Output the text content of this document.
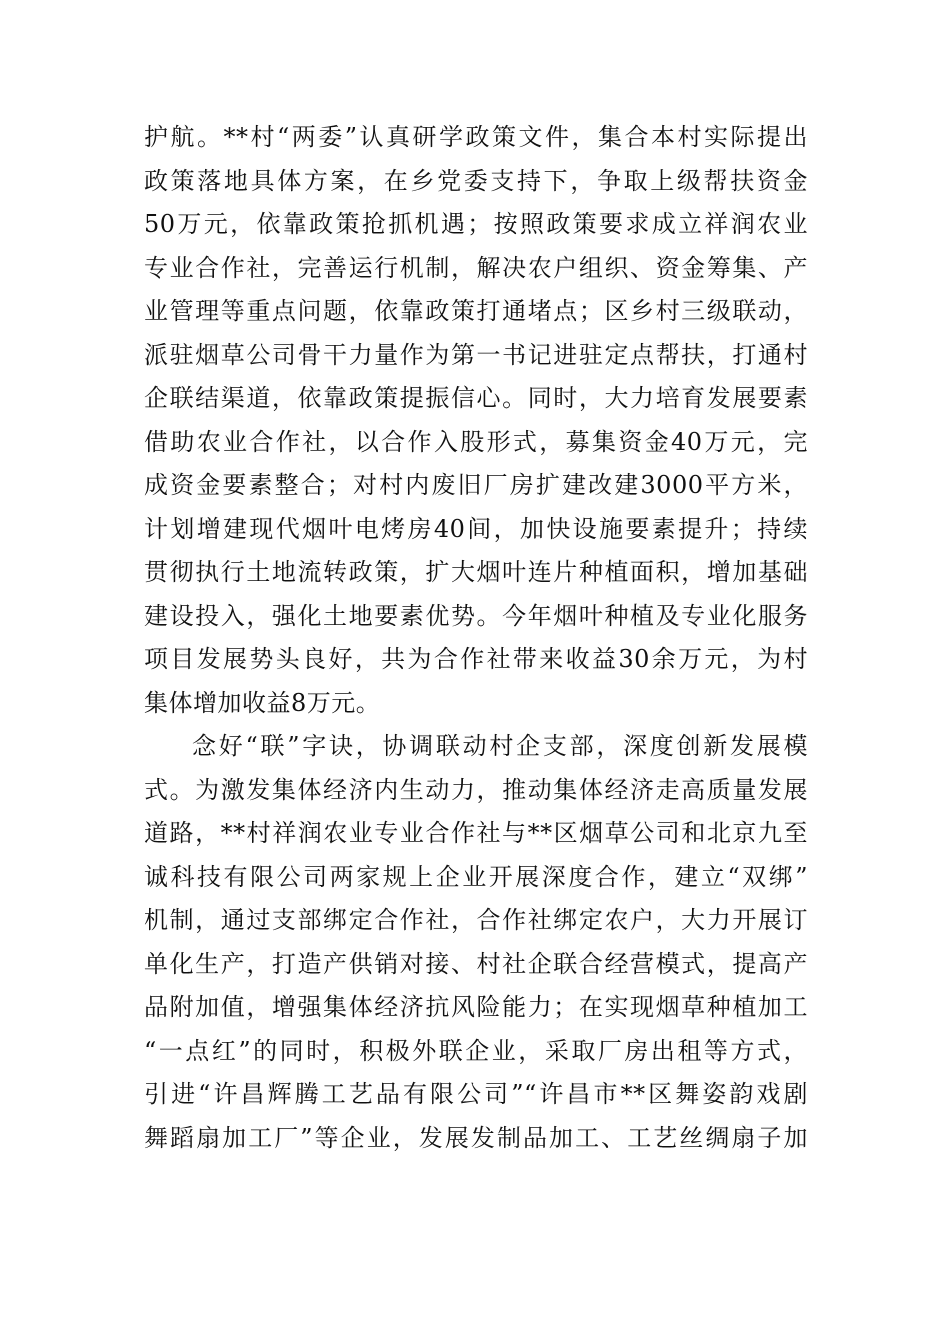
护航。**村“两委”认真研学政策文件，集合本村实际提出
政策落地具体方案，在乡党委支持下，争取上级帮扶资金
50万元，依靠政策抢抓机遇；按照政策要求成立祥润农业
专业合作社，完善运行机制，解决农户组织、资金筹集、产
业管理等重点问题，依靠政策打通堵点；区乡村三级联动，
派驻烟草公司骨干力量作为第一书记进驻定点帮扶，打通村
企联结渠道，依靠政策提振信心。同时，大力培育发展要素
借助农业合作社，以合作入股形式，募集资金40万元，完
成资金要素整合；对村内废旧厂房扩建改建3000平方米，
计划增建现代烟叶电烤房40间，加快设施要素提升；持续
贯彻执行土地流转政策，扩大烟叶连片种植面积，增加基础
建设投入，强化土地要素优势。今年烟叶种植及专业化服务
项目发展势头良好，共为合作社带来收益30余万元，为村
集体增加收益8万元。
念好“联”字诀，协调联动村企支部，深度创新发展模
式。为激发集体经济内生动力，推动集体经济走高质量发展
道路，**村祥润农业专业合作社与**区烟草公司和北京九至
诚科技有限公司两家规上企业开展深度合作，建立“双绑”
机制，通过支部绑定合作社，合作社绑定农户，大力开展订
单化生产，打造产供销对接、村社企联合经营模式，提高产
品附加值，增强集体经济抗风险能力；在实现烟草种植加工
“一点红”的同时，积极外联企业，采取厂房出租等方式，
引进“许昌辉腾工艺品有限公司”“许昌市**区舞姿韵戏剧
舞蹈扇加工厂”等企业，发展发制品加工、工艺丝绸扇子加
